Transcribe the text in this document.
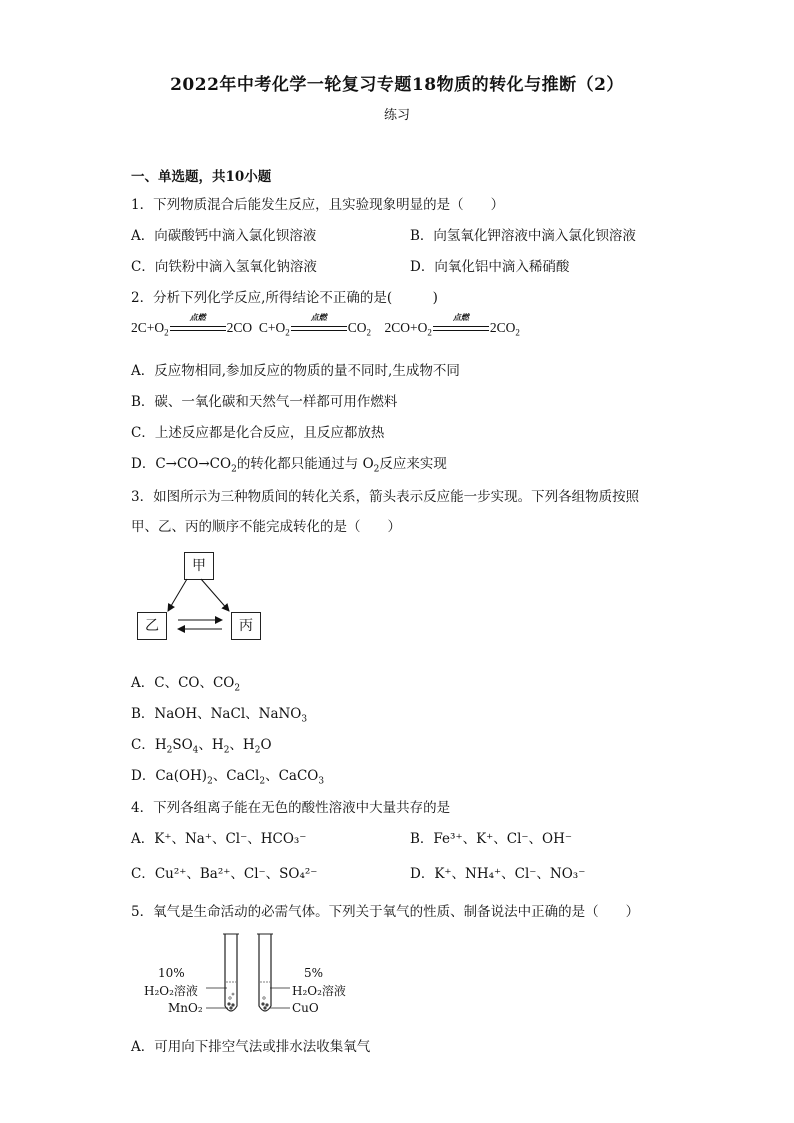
2022年中考化学一轮复习专题18物质的转化与推断（2）
练习
一、单选题，共10小题
1．下列物质混合后能发生反应，且实验现象明显的是（　　）
A．向碳酸钙中滴入氯化钡溶液	B．向氢氧化钾溶液中滴入氯化钡溶液
C．向铁粉中滴入氢氧化钠溶液	D．向氧化铝中滴入稀硝酸
2．分析下列化学反应,所得结论不正确的是(　　　)
$2C+O_2$
点燃
2CO  $C+O_2$
点燃
$CO_2$    $2CO+O_2$
点燃
$2CO_2$
A．反应物相同,参加反应的物质的量不同时,生成物不同
B．碳、一氧化碳和天然气一样都可用作燃料
C．上述反应都是化合反应，且反应都放热
D．$C\to CO\to CO_2$的转化都只能通过与 $O_2$反应来实现
3．如图所示为三种物质间的转化关系，箭头表示反应能一步实现。下列各组物质按照
甲、乙、丙的顺序不能完成转化的是（　　）
甲
乙	丙
A．C、CO、$CO_2$
B．NaOH、NaCl、NaNO$_3$
C．$H_2SO_4$、$H_2$、$H_2O$
D．$Ca(OH)_2$、CaCl$_2$、CaCO$_3$
4．下列各组离子能在无色的酸性溶液中大量共存的是
A．K⁺、Na⁺、Cl⁻、HCO₃⁻	B．Fe³⁺、K⁺、Cl⁻、OH⁻
C．Cu²⁺、Ba²⁺、Cl⁻、SO₄²⁻	D．K⁺、NH₄⁺、Cl⁻、NO₃⁻
5．氧气是生命活动的必需气体。下列关于氧气的性质、制备说法中正确的是（　　）
10%
H₂O₂溶液
MnO₂
5%
H₂O₂溶液
CuO
A．可用向下排空气法或排水法收集氧气
